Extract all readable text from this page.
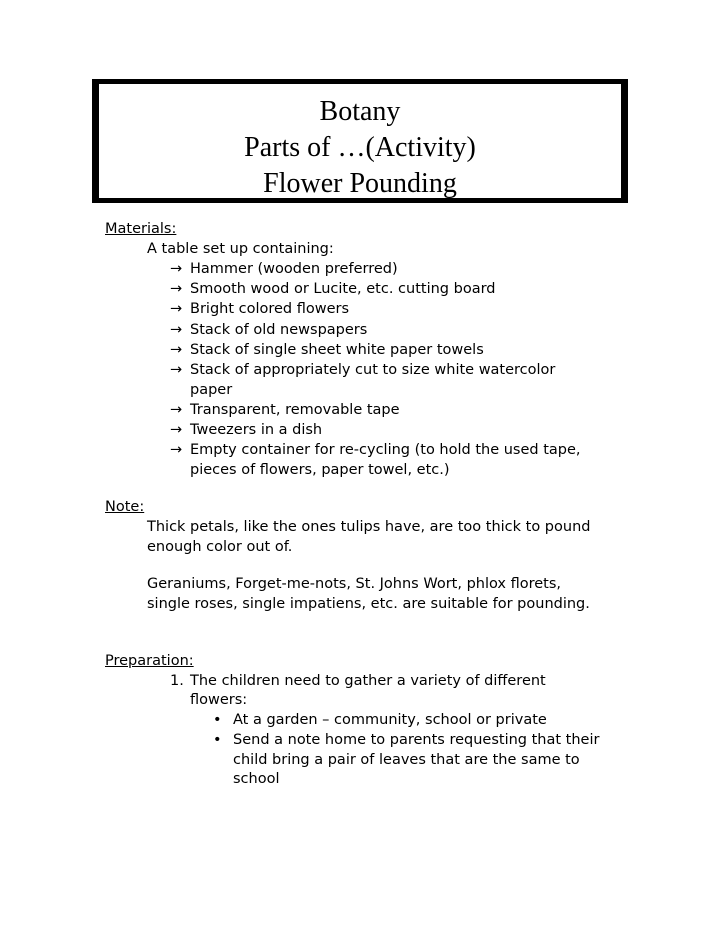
Botany
Parts of …(Activity)
Flower Pounding
Materials:
A table set up containing:
→ Hammer (wooden preferred)
→ Smooth wood or Lucite, etc. cutting board
→ Bright colored flowers
→ Stack of old newspapers
→ Stack of single sheet white paper towels
→ Stack of appropriately cut to size white watercolor
paper
→ Transparent, removable tape
→ Tweezers in a dish
→ Empty container for re-cycling (to hold the used tape,
pieces of flowers, paper towel, etc.)
Note:
Thick petals, like the ones tulips have, are too thick to pound
enough color out of.
Geraniums, Forget-me-nots, St. Johns Wort, phlox florets,
single roses, single impatiens, etc. are suitable for pounding.
Preparation:
1. The children need to gather a variety of different
flowers:
• At a garden – community, school or private
• Send a note home to parents requesting that their
child bring a pair of leaves that are the same to
school
